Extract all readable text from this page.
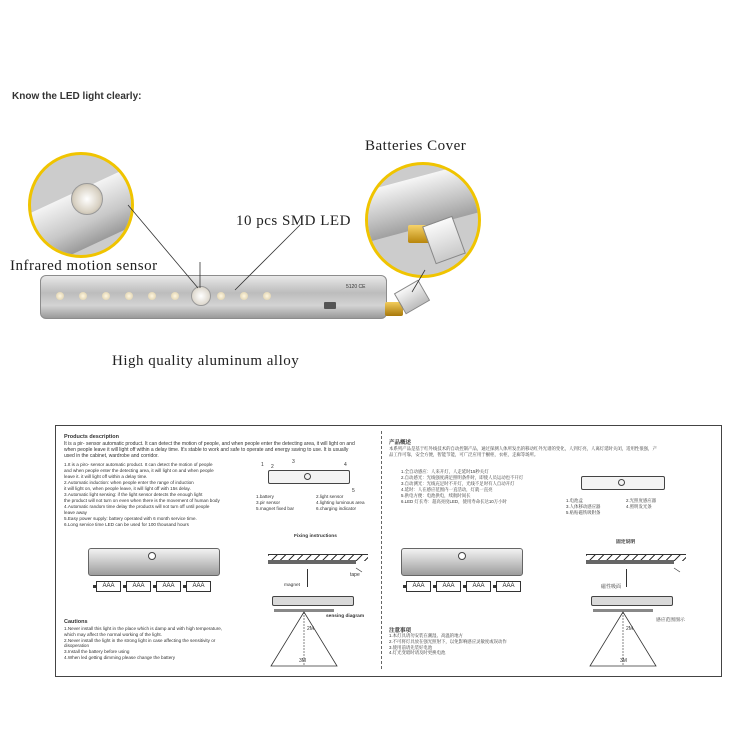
Know the LED light clearly:
Batteries Cover
10 pcs SMD LED
Infrared motion sensor
High quality aluminum alloy
5120 CE
Products description
It is a pir- sensor automatic product. It can detect the motion of people, and when people enter the detecting area, it will light on and
when people leave it will light off within a delay time. It's stable to work and safe to operate and energy saving to use. It is usually
used in the cabinet, wardrobe and corridor.
1.It is a piro- sensor automatic product. It can detect the motion of people
and when people enter the detecting area, it will light on and when people
leave it. it will light off within a delay time.
2.Automatic induction: when people enter the range of induction
it will light on, when people leave, it will light off with 15s delay.
3.Automatic light sensing: if the light sensor detects the enough light
the product will not turn on even when there is the movement of human body
4.Automatic random time delay the products will not turn off until people
leave away
5.Easy power supply: battery operated with 6 month service time.
6.Long service time LED can be used for 100 thousand hours
1 2
3	4
5
1.battery	2.light sensor
3.pir sensor	4.lighting luminous area
5.magnet fixed bar	6.charging indicator
AAA	AAA	AAA	AAA
Fixing instructions
tape
magnet
sensing diagram
2M
3M
Cautions
1.Never install this light in the place which is damp and with high temperature,
which may affect the normal working of the light.
2.Never install the light in the strong light in case affecting the sensitivity or
disoperation
3.Install the battery before using
4.When led getting dimming please change the battery
产品概述
本系列产品是基于红外线技术的自动控制产品，通过探测人体所发出的移动红外光谱的变化，人到灯亮，人离灯延时关闭，适用性很强，产
品工作可靠，安全方便，智能节能，可广泛应用于橱柜，衣柜，走廊等场所。
1.全自动感应：人来开灯，人走延时15秒关灯
2.自动感光：光线强度满足照明条件时，即使人员运动也不开灯
3.自动测光：光线充足时不开灯，光线不足时有人自动开灯
4.延时：人在感应范围内一直活动，灯就一直亮
5.供电方便：电池供电，续航时间长
6.LED 灯长寿：超高亮度LED，使用寿命长达10万小时	1.电池盒	2.光照度感应器
3.人体移动感应器	4.照明发光条
5.贴贴磁铁吸附条
AAA	AAA	AAA	AAA
固定说明
磁性吸面
感应范围图示
2M
3M
注意事项
1.本灯具请勿安装在潮湿、高温的地方
2.不可将灯具放在强光照射下，以免影响感应灵敏度或误动作
3.使用前请先装好电池
4.灯光变暗时请及时更换电池
